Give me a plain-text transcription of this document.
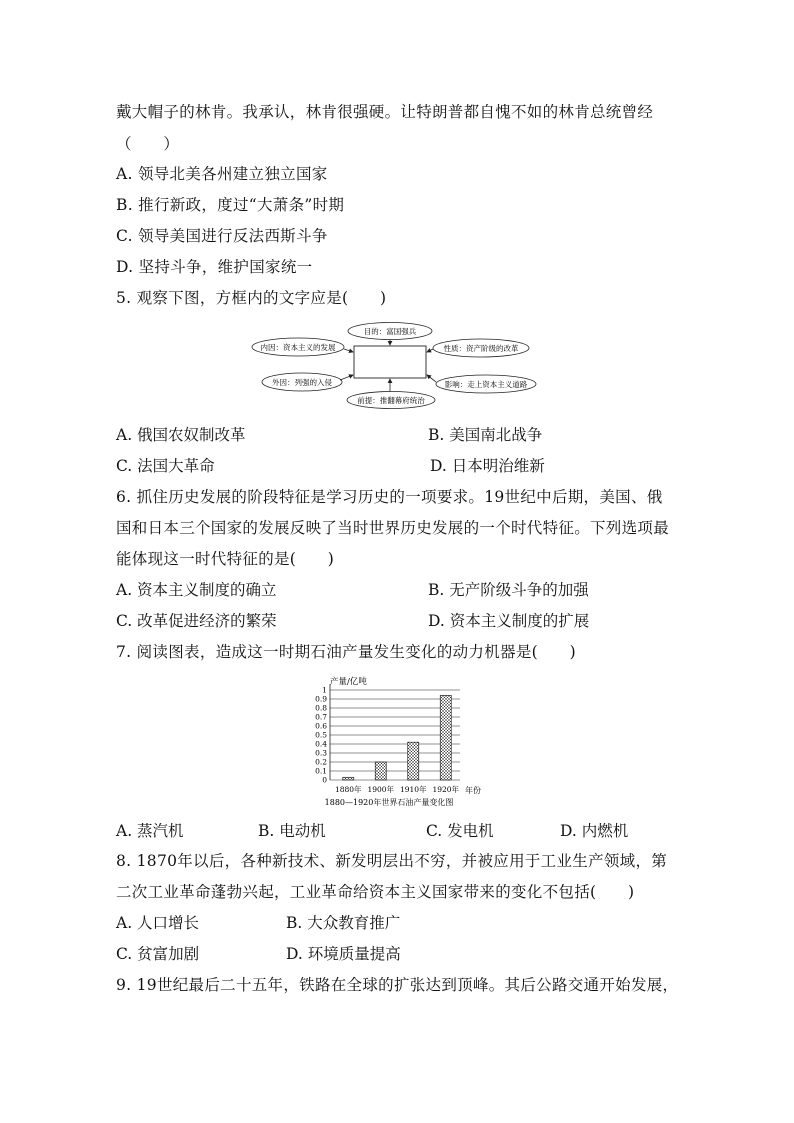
戴大帽子的林肯。我承认，林肯很强硬。让特朗普都自愧不如的林肯总统曾经
（　　）
A. 领导北美各州建立独立国家
B. 推行新政，度过“大萧条”时期
C. 领导美国进行反法西斯斗争
D. 坚持斗争，维护国家统一
5. 观察下图，方框内的文字应是(　　)
目的：富国强兵
内因：资本主义的发展	性质：资产阶级的改革
外因：列强的入侵	影响：走上资本主义道路
前提：推翻幕府统治
A. 俄国农奴制改革	B. 美国南北战争
C. 法国大革命	D. 日本明治维新
6. 抓住历史发展的阶段特征是学习历史的一项要求。19世纪中后期，美国、俄
国和日本三个国家的发展反映了当时世界历史发展的一个时代特征。下列选项最
能体现这一时代特征的是(　　)
A. 资本主义制度的确立	B. 无产阶级斗争的加强
C. 改革促进经济的繁荣	D. 资本主义制度的扩展
7. 阅读图表，造成这一时期石油产量发生变化的动力机器是(　　)
0
0.1
0.2
0.3
0.4
0.5
0.6
0.7
0.8
0.9
1
1880年 1900年 1910年 1920年
产量/亿吨
年份
1880—1920年世界石油产量变化图
A. 蒸汽机	B. 电动机	C. 发电机	D. 内燃机
8. 1870年以后，各种新技术、新发明层出不穷，并被应用于工业生产领域，第
二次工业革命蓬勃兴起，工业革命给资本主义国家带来的变化不包括(　　)
A. 人口增长	B. 大众教育推广
C. 贫富加剧	D. 环境质量提高
9. 19世纪最后二十五年，铁路在全球的扩张达到顶峰。其后公路交通开始发展，
